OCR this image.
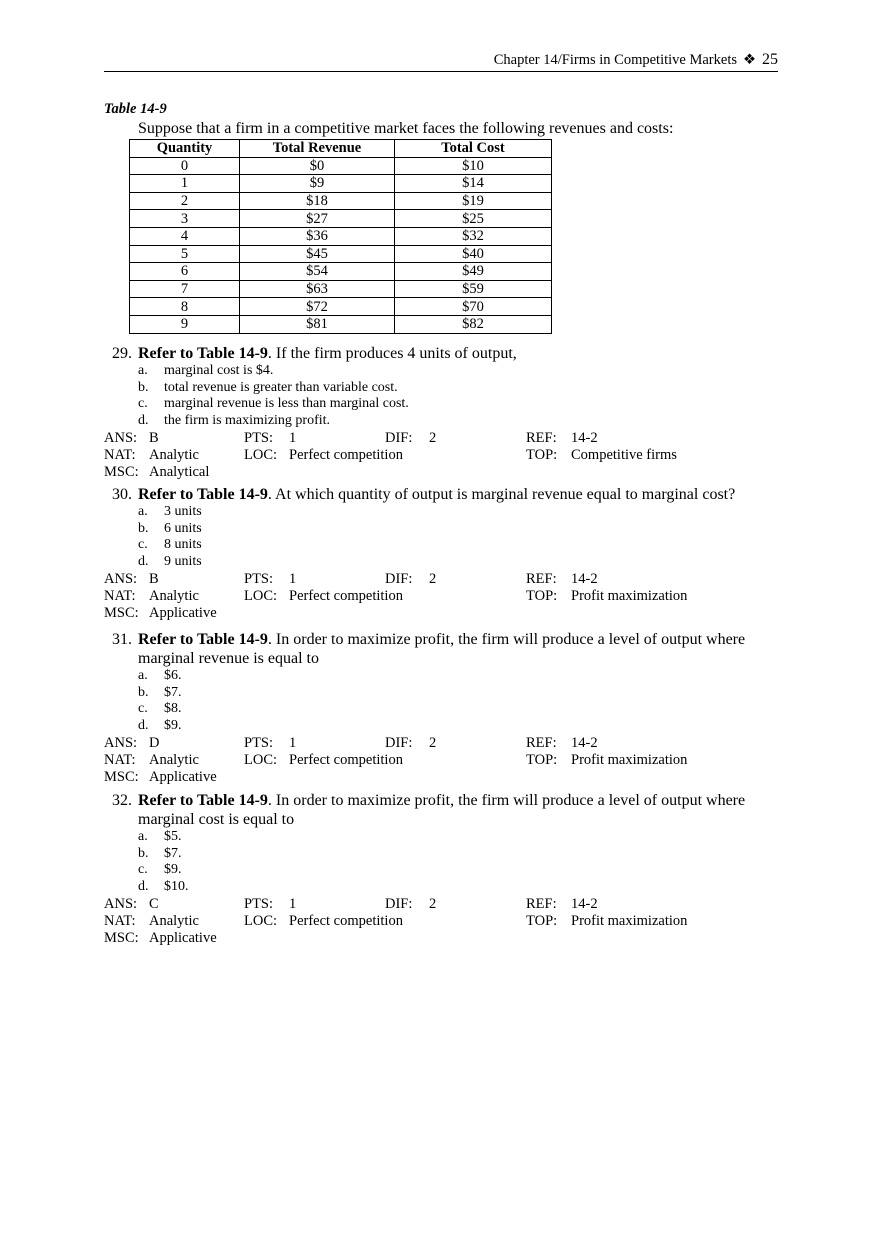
Chapter 14/Firms in Competitive Markets ❖ 25
Table 14-9
Suppose that a firm in a competitive market faces the following revenues and costs:
Quantity	Total Revenue	Total Cost
0	$0	$10
1	$9	$14
2	$18	$19
3	$27	$25
4	$36	$32
5	$45	$40
6	$54	$49
7	$63	$59
8	$72	$70
9	$81	$82
29. Refer to Table 14-9. If the firm produces 4 units of output,
a. marginal cost is $4.
b. total revenue is greater than variable cost.
c. marginal revenue is less than marginal cost.
d. the firm is maximizing profit.
ANS: B	PTS: 1	DIF: 2	REF: 14-2
NAT: Analytic	LOC: Perfect competition	TOP: Competitive firms
MSC: Analytical
30. Refer to Table 14-9. At which quantity of output is marginal revenue equal to marginal cost?
a. 3 units
b. 6 units
c. 8 units
d. 9 units
ANS: B	PTS: 1	DIF: 2	REF: 14-2
NAT: Analytic	LOC: Perfect competition	TOP: Profit maximization
MSC: Applicative
31. Refer to Table 14-9. In order to maximize profit, the firm will produce a level of output where
marginal revenue is equal to
a. $6.
b. $7.
c. $8.
d. $9.
ANS: D	PTS: 1	DIF: 2	REF: 14-2
NAT: Analytic	LOC: Perfect competition	TOP: Profit maximization
MSC: Applicative
32. Refer to Table 14-9. In order to maximize profit, the firm will produce a level of output where
marginal cost is equal to
a. $5.
b. $7.
c. $9.
d. $10.
ANS: C	PTS: 1	DIF: 2	REF: 14-2
NAT: Analytic	LOC: Perfect competition	TOP: Profit maximization
MSC: Applicative
